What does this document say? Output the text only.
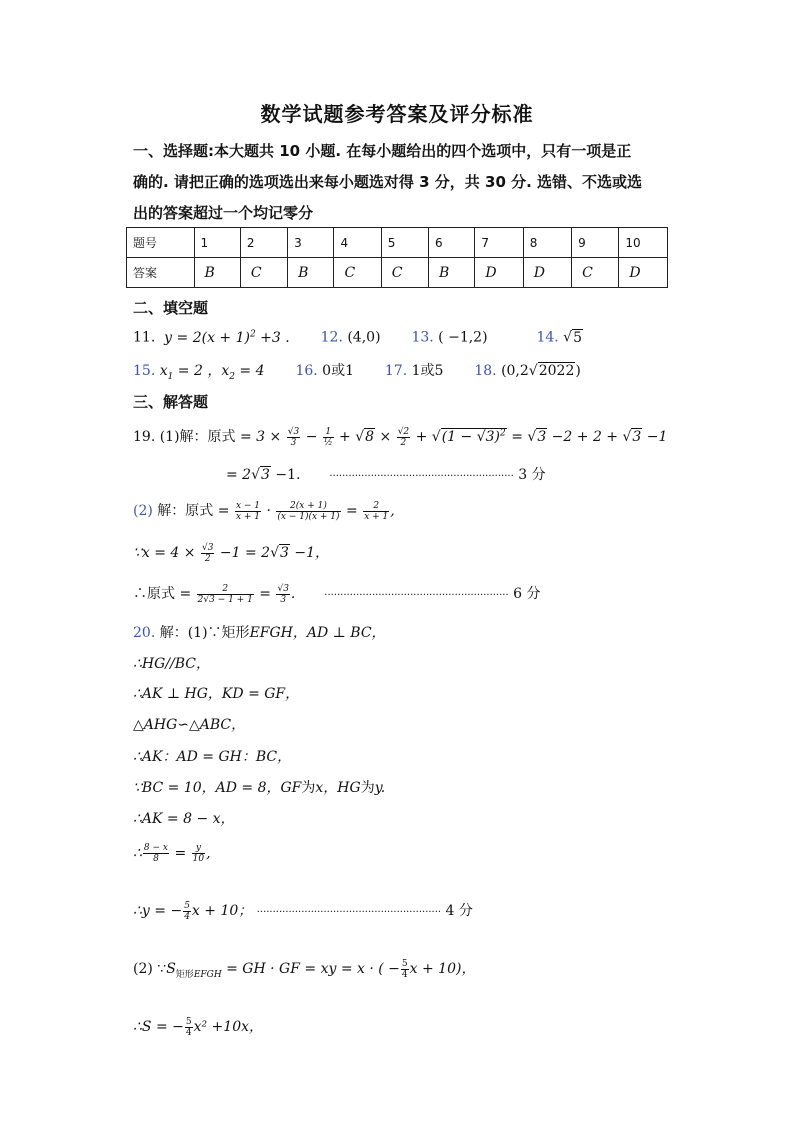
数学试题参考答案及评分标准
一、选择题:本大题共 10 小题. 在每小题给出的四个选项中，只有一项是正
确的. 请把正确的选项选出来每小题选对得 3 分，共 30 分. 选错、不选或选
出的答案超过一个均记零分
题号	1	2	3	4	5	6	7	8	9	10
答案	B	C	B	C	C	B	D	D	C	D
二、填空题
11.  $y = 2(x + 1)^2 +3$ . 12. (4,0) 13. ( −1,2)	14. √5
15. $x_1 = 2$ ，$x_2 = 4$ 16. 0或1 17. 1或5 18. (0,2√2022)
三、解答题
19. (1)解：原式 = $3 \times \frac{√3}{3} - \frac{1}{\text{½}} + √8 \times \frac{√2}{2} + √(1 - √3)^2 = √3 -2 + 2 + √3 -1$
= 2√3 −1.	·························································· 3 分
(2) 解：原式 = $\frac{x - 1}{x + 1} \cdot \frac{2(x + 1)}{(x - 1)(x + 1)} = \frac{2}{x + 1}$ ,
∵x = $4 \times \frac{√3}{2} -1 = 2√3 -1$，
∴原式 = $\frac{2}{2√3 - 1 + 1} = \frac{√3}{3}$ .	·························································· 6 分
20. 解：(1)∵矩形EFGH，AD ⊥ BC，
∴HG//BC，
∴AK ⊥ HG，KD = GF，
△AHG∽△ABC，
∴AK：AD = GH：BC，
∵BC = 10，AD = 8，GF为x，HG为y.
∴AK = 8 − x，
∴ $\frac{8 - x}{8} = \frac{y}{10}$ ,
∴y = − $\frac{5}{4}$ x + 10； ·························································· 4 分
(2) $\because S_{矩形EFGH}$ = GH · GF = xy = x · ( − $\frac{5}{4}$ x + 10)，
∴S = − $\frac{5}{4} x^2 +10x$，
